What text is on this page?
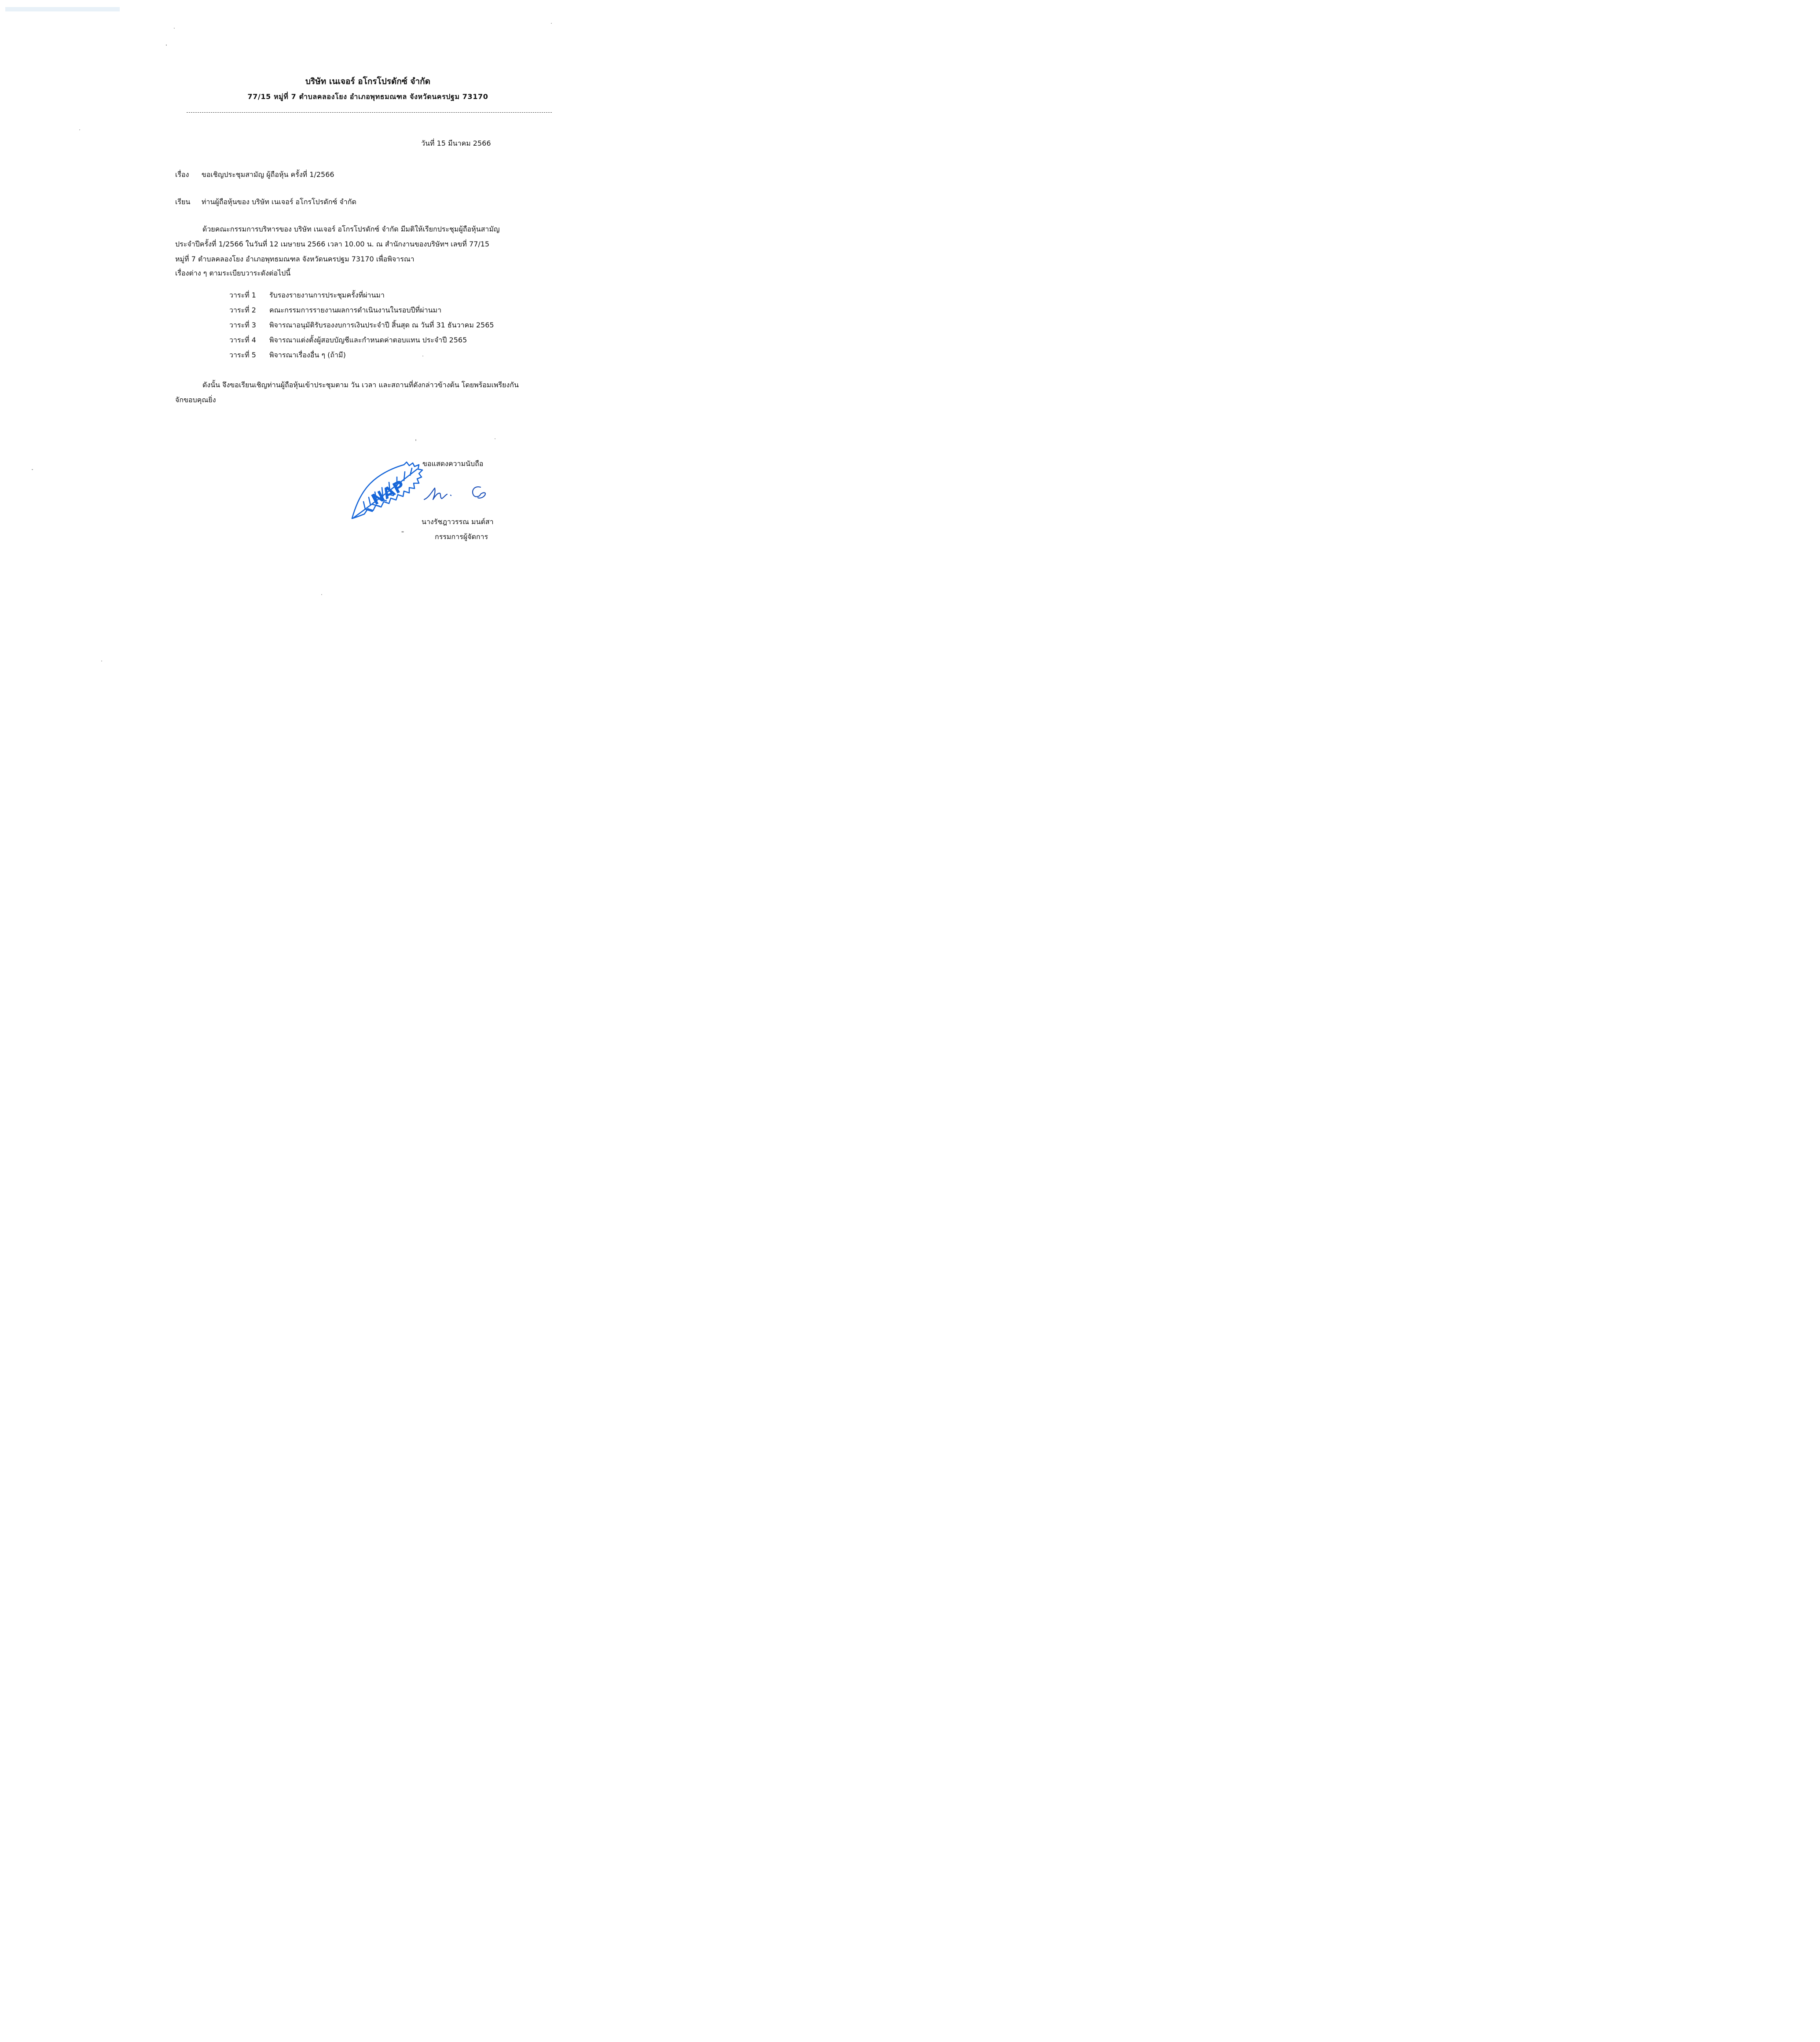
บริษัท เนเจอร์ อโกรโปรดักซ์ จำกัด
77/15 หมู่ที่ 7 ตำบลคลองโยง อำเภอพุทธมณฑล จังหวัดนครปฐม 73170
วันที่ 15 มีนาคม 2566
เรื่อง ขอเชิญประชุมสามัญ ผู้ถือหุ้น ครั้งที่ 1/2566
เรียน ท่านผู้ถือหุ้นของ บริษัท เนเจอร์ อโกรโปรดักซ์ จำกัด
ด้วยคณะกรรมการบริหารของ บริษัท เนเจอร์ อโกรโปรดักซ์ จำกัด มีมติให้เรียกประชุมผู้ถือหุ้นสามัญ
ประจำปีครั้งที่ 1/2566 ในวันที่ 12 เมษายน 2566 เวลา 10.00 น. ณ สำนักงานของบริษัทฯ เลขที่ 77/15
หมู่ที่ 7 ตำบลคลองโยง อำเภอพุทธมณฑล จังหวัดนครปฐม 73170 เพื่อพิจารณา
เรื่องต่าง ๆ ตามระเบียบวาระดังต่อไปนี้
วาระที่ 1 รับรองรายงานการประชุมครั้งที่ผ่านมา
วาระที่ 2 คณะกรรมการรายงานผลการดำเนินงานในรอบปีที่ผ่านมา
วาระที่ 3 พิจารณาอนุมัติรับรองงบการเงินประจำปี สิ้นสุด ณ วันที่ 31 ธันวาคม 2565
วาระที่ 4 พิจารณาแต่งตั้งผู้สอบบัญชีและกำหนดค่าตอบแทน ประจำปี 2565
วาระที่ 5 พิจารณาเรื่องอื่น ๆ (ถ้ามี)
ดังนั้น จึงขอเรียนเชิญท่านผู้ถือหุ้นเข้าประชุมตาม วัน เวลา และสถานที่ดังกล่าวข้างต้น โดยพร้อมเพรียงกัน
จักขอบคุณยิ่ง
ขอแสดงความนับถือ
NAP
นางรัชฎาวรรณ มนต์สา
กรรมการผู้จัดการ
